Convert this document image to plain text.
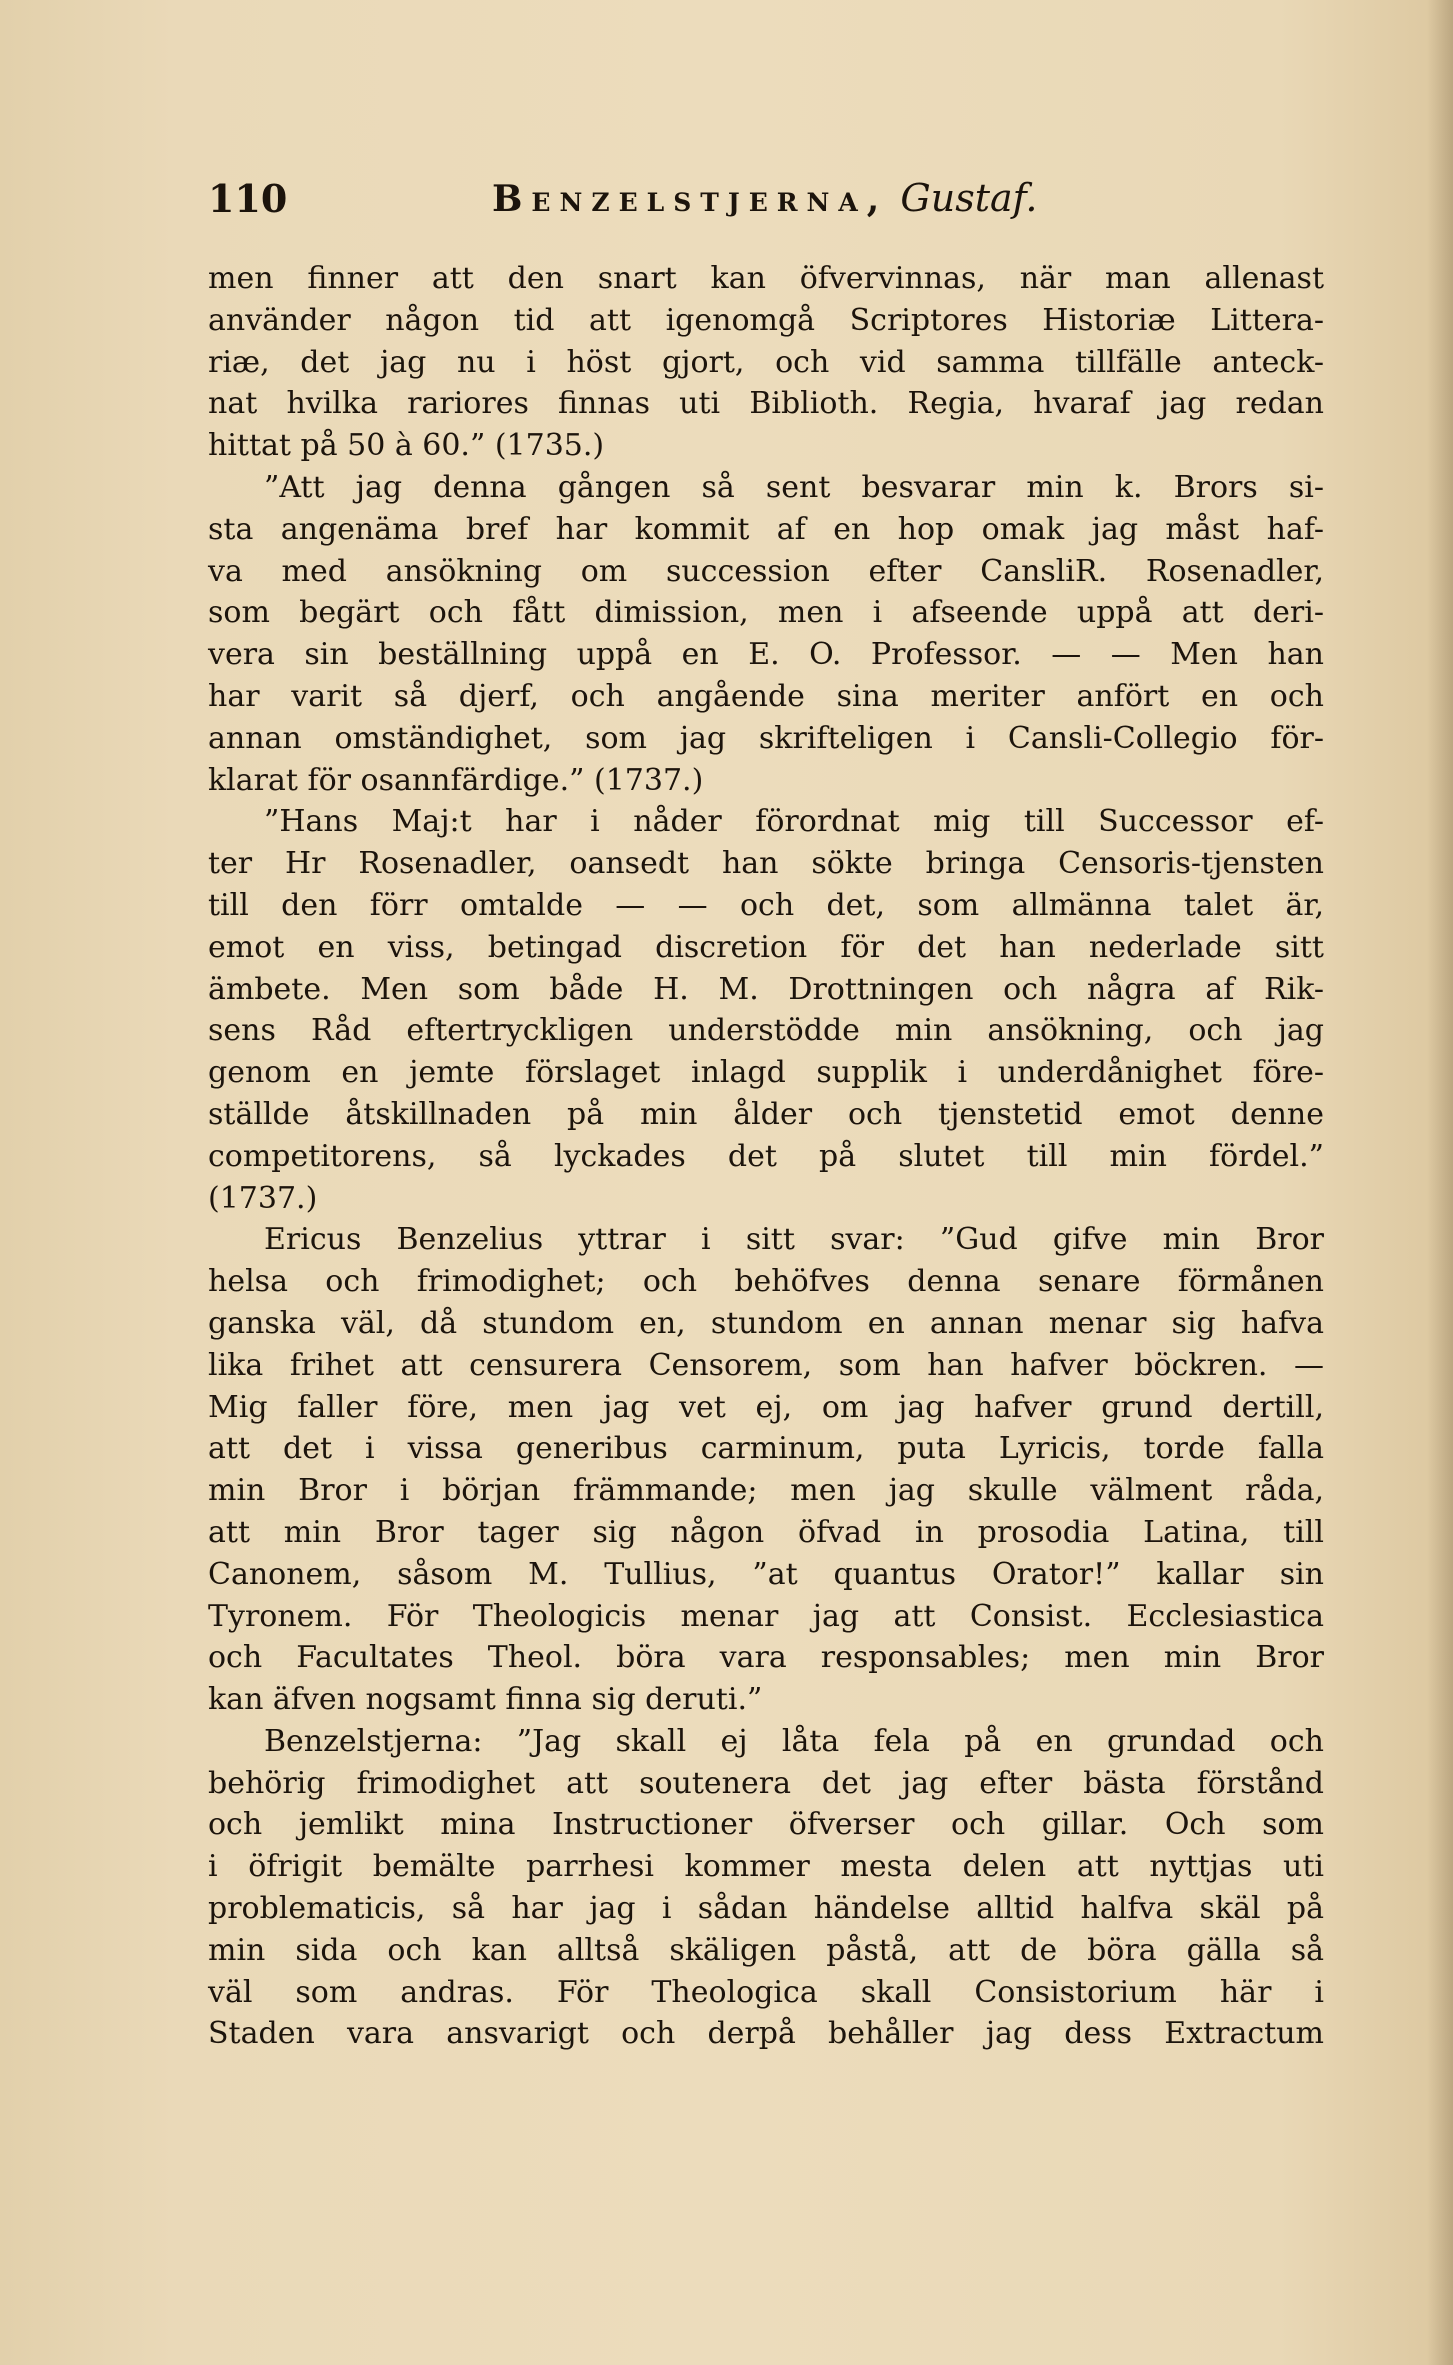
110	Benzelstjerna, Gustaf.
men finner att den snart kan öfvervinnas, när man allenast
använder någon tid att igenomgå Scriptores Historiæ Littera-
riæ, det jag nu i höst gjort, och vid samma tillfälle anteck-
nat hvilka rariores finnas uti Biblioth. Regia, hvaraf jag redan
hittat på 50 à 60.” (1735.)
”Att jag denna gången så sent besvarar min k. Brors si-
sta angenäma bref har kommit af en hop omak jag måst haf-
va med ansökning om succession efter CansliR. Rosenadler,
som begärt och fått dimission, men i afseende uppå att deri-
vera sin beställning uppå en E. O. Professor. — — Men han
har varit så djerf, och angående sina meriter anfört en och
annan omständighet, som jag skrifteligen i Cansli-Collegio för-
klarat för osannfärdige.” (1737.)
”Hans Maj:t har i nåder förordnat mig till Successor ef-
ter Hr Rosenadler, oansedt han sökte bringa Censoris-tjensten
till den förr omtalde — — och det, som allmänna talet är,
emot en viss, betingad discretion för det han nederlade sitt
ämbete. Men som både H. M. Drottningen och några af Rik-
sens Råd eftertryckligen understödde min ansökning, och jag
genom en jemte förslaget inlagd supplik i underdånighet före-
ställde åtskillnaden på min ålder och tjenstetid emot denne
competitorens, så lyckades det på slutet till min fördel.”
(1737.)
Ericus Benzelius yttrar i sitt svar: ”Gud gifve min Bror
helsa och frimodighet; och behöfves denna senare förmånen
ganska väl, då stundom en, stundom en annan menar sig hafva
lika frihet att censurera Censorem, som han hafver böckren. —
Mig faller före, men jag vet ej, om jag hafver grund dertill,
att det i vissa generibus carminum, puta Lyricis, torde falla
min Bror i början främmande; men jag skulle välment råda,
att min Bror tager sig någon öfvad in prosodia Latina, till
Canonem, såsom M. Tullius, ”at quantus Orator!” kallar sin
Tyronem. För Theologicis menar jag att Consist. Ecclesiastica
och Facultates Theol. böra vara responsables; men min Bror
kan äfven nogsamt finna sig deruti.”
Benzelstjerna: ”Jag skall ej låta fela på en grundad och
behörig frimodighet att soutenera det jag efter bästa förstånd
och jemlikt mina Instructioner öfverser och gillar. Och som
i öfrigit bemälte parrhesi kommer mesta delen att nyttjas uti
problematicis, så har jag i sådan händelse alltid halfva skäl på
min sida och kan alltså skäligen påstå, att de böra gälla så
väl som andras. För Theologica skall Consistorium här i
Staden vara ansvarigt och derpå behåller jag dess Extractum
